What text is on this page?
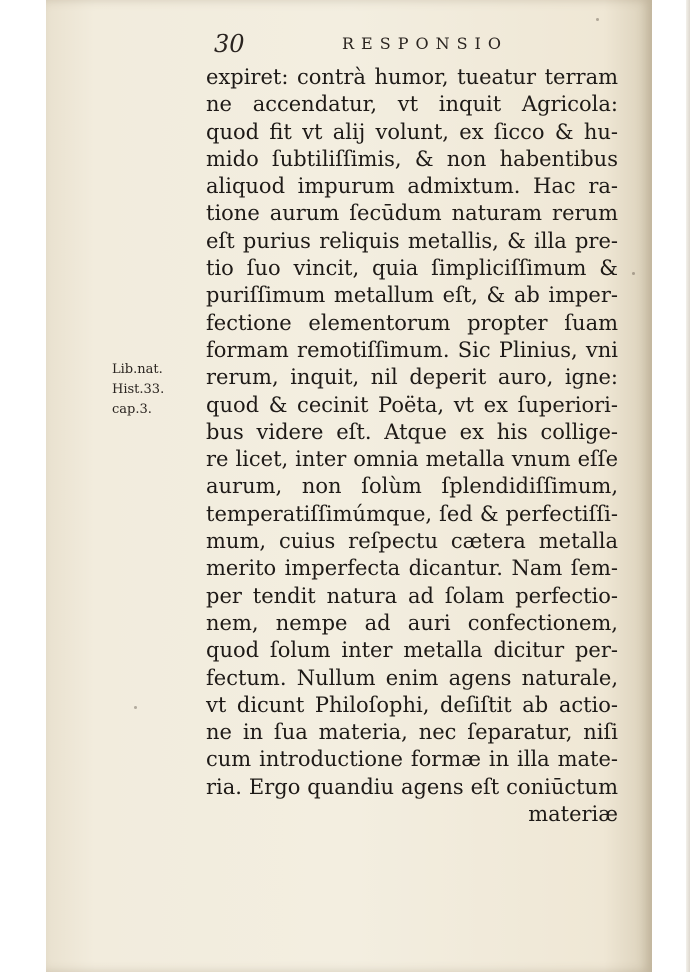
30	RESPONSIO
Lib.nat.
Hist.33.
cap.3.
expiret: contrà humor, tueatur terram
ne accendatur, vt inquit Agricola:
quod fit vt alij volunt, ex ſicco & hu-
mido ſubtiliſſimis, & non habentibus
aliquod impurum admixtum. Hac ra-
tione aurum ſecūdum naturam rerum
eſt purius reliquis metallis, & illa pre-
tio ſuo vincit, quia ſimpliciſſimum &
puriſſimum metallum eſt, & ab imper-
fectione elementorum propter ſuam
formam remotiſſimum. Sic Plinius, vni
rerum, inquit, nil deperit auro, igne:
quod & cecinit Poëta, vt ex ſuperiori-
bus videre eſt. Atque ex his collige-
re licet, inter omnia metalla vnum eſſe
aurum, non ſolùm ſplendidiſſimum,
temperatiſſimúmque, ſed & perfectiſſi-
mum, cuius reſpectu cætera metalla
merito imperfecta dicantur. Nam ſem-
per tendit natura ad ſolam perfectio-
nem, nempe ad auri confectionem,
quod ſolum inter metalla dicitur per-
fectum. Nullum enim agens naturale,
vt dicunt Philoſophi, deſiſtit ab actio-
ne in ſua materia, nec ſeparatur, niſi
cum introductione formæ in illa mate-
ria. Ergo quandiu agens eſt coniūctum
materiæ
